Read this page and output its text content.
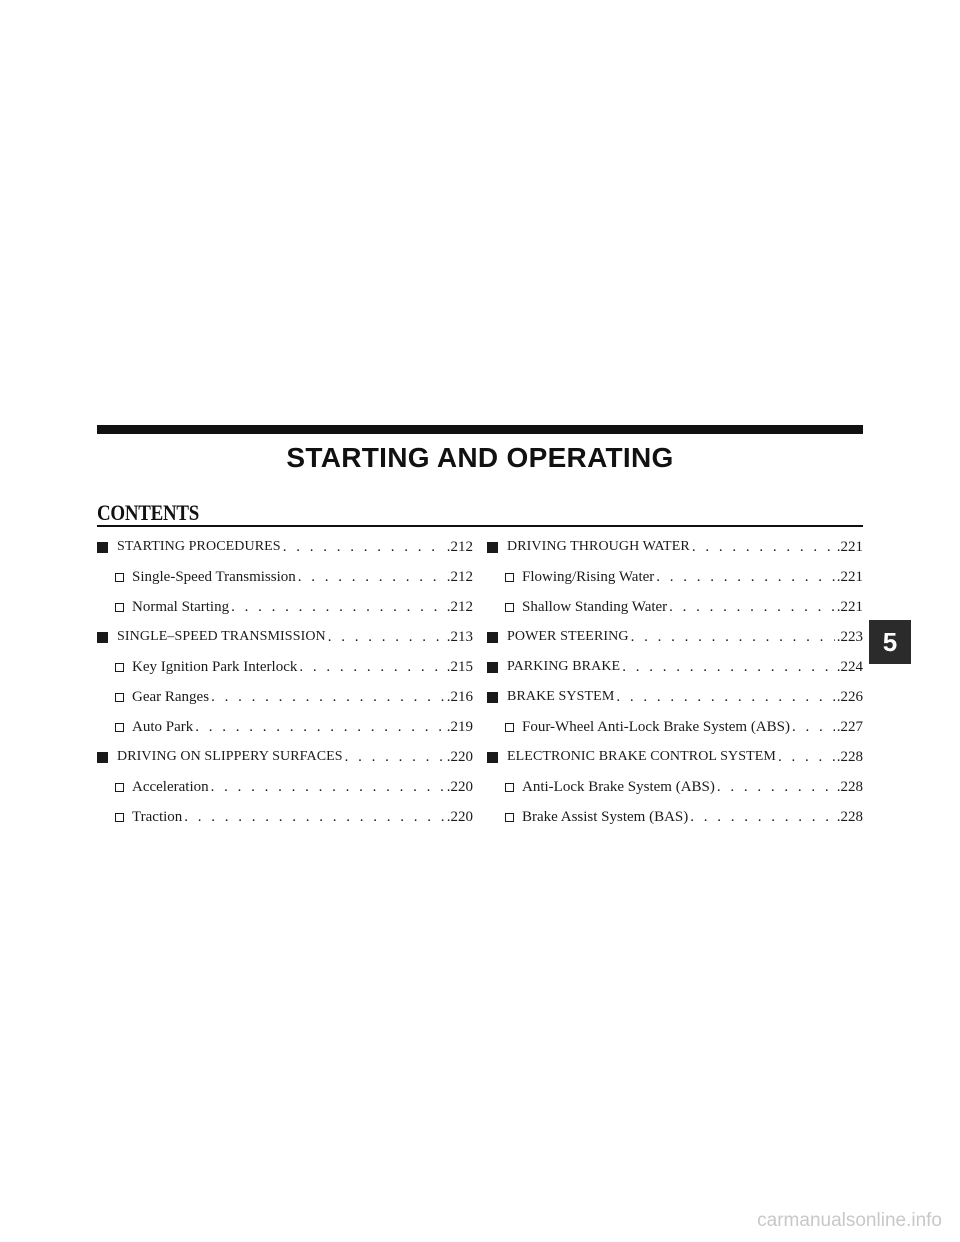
STARTING AND OPERATING
CONTENTS
STARTING PROCEDURES . . .	.212
Single-Speed Transmission . . .	.212
Normal Starting . . .	.212
SINGLE–SPEED TRANSMISSION . . .	.213
Key Ignition Park Interlock . . .	.215
Gear Ranges . . .	.216
Auto Park . . .	.219
DRIVING ON SLIPPERY SURFACES . . .	.220
Acceleration . . .	.220
Traction . . .	.220
DRIVING THROUGH WATER . . .	.221
Flowing/Rising Water . . .	.221
Shallow Standing Water . . .	.221
POWER STEERING . . .	.223
PARKING BRAKE . . .	.224
BRAKE SYSTEM . . .	.226
Four-Wheel Anti-Lock Brake System (ABS) . . .	.227
ELECTRONIC BRAKE CONTROL SYSTEM . . .	.228
Anti-Lock Brake System (ABS) . . .	.228
Brake Assist System (BAS) . . .	.228
5
carmanualsonline.info
